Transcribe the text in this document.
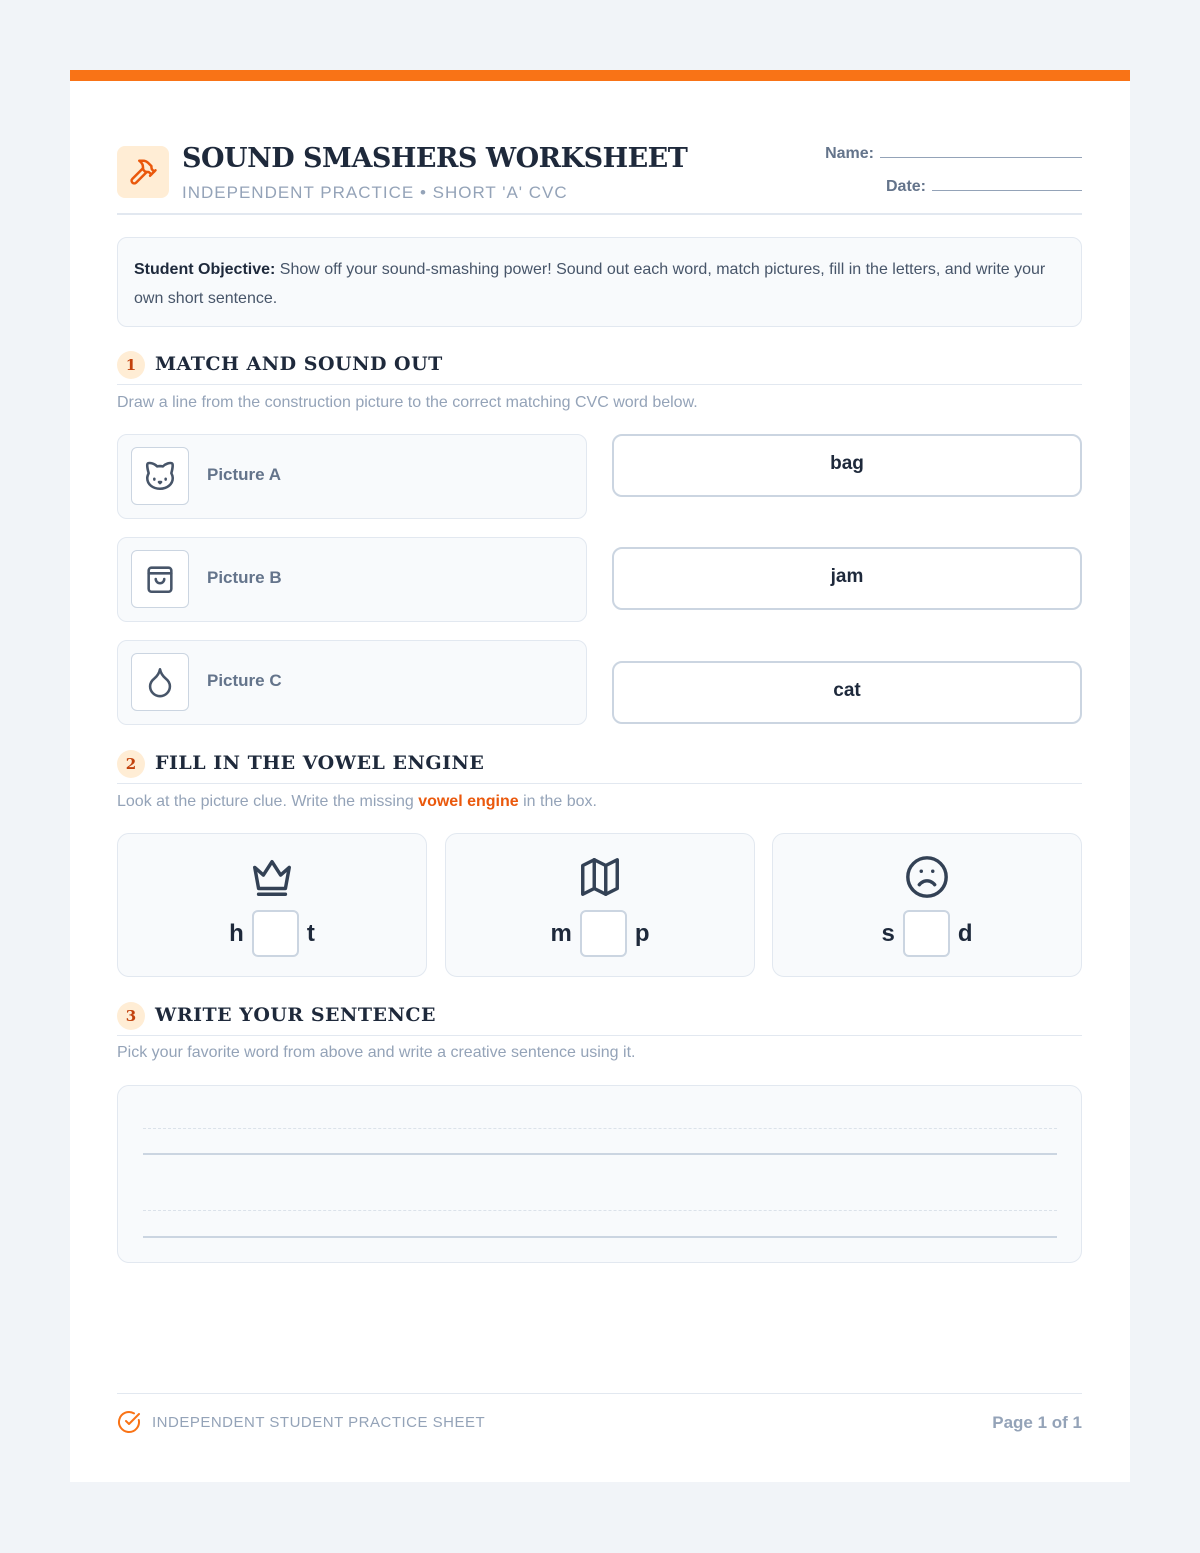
SOUND SMASHERS WORKSHEET
INDEPENDENT PRACTICE • SHORT 'A' CVC
Name:
Date:
Student Objective: Show off your sound-smashing power! Sound out each word, match pictures, fill in the letters, and write your own short sentence.
1 MATCH AND SOUND OUT
Draw a line from the construction picture to the correct matching CVC word below.
Picture A
Picture B
Picture C
bag
jam
cat
2 FILL IN THE VOWEL ENGINE
Look at the picture clue. Write the missing vowel engine in the box.
h	t	m	p	s	d
3 WRITE YOUR SENTENCE
Pick your favorite word from above and write a creative sentence using it.
INDEPENDENT STUDENT PRACTICE SHEET	Page 1 of 1
